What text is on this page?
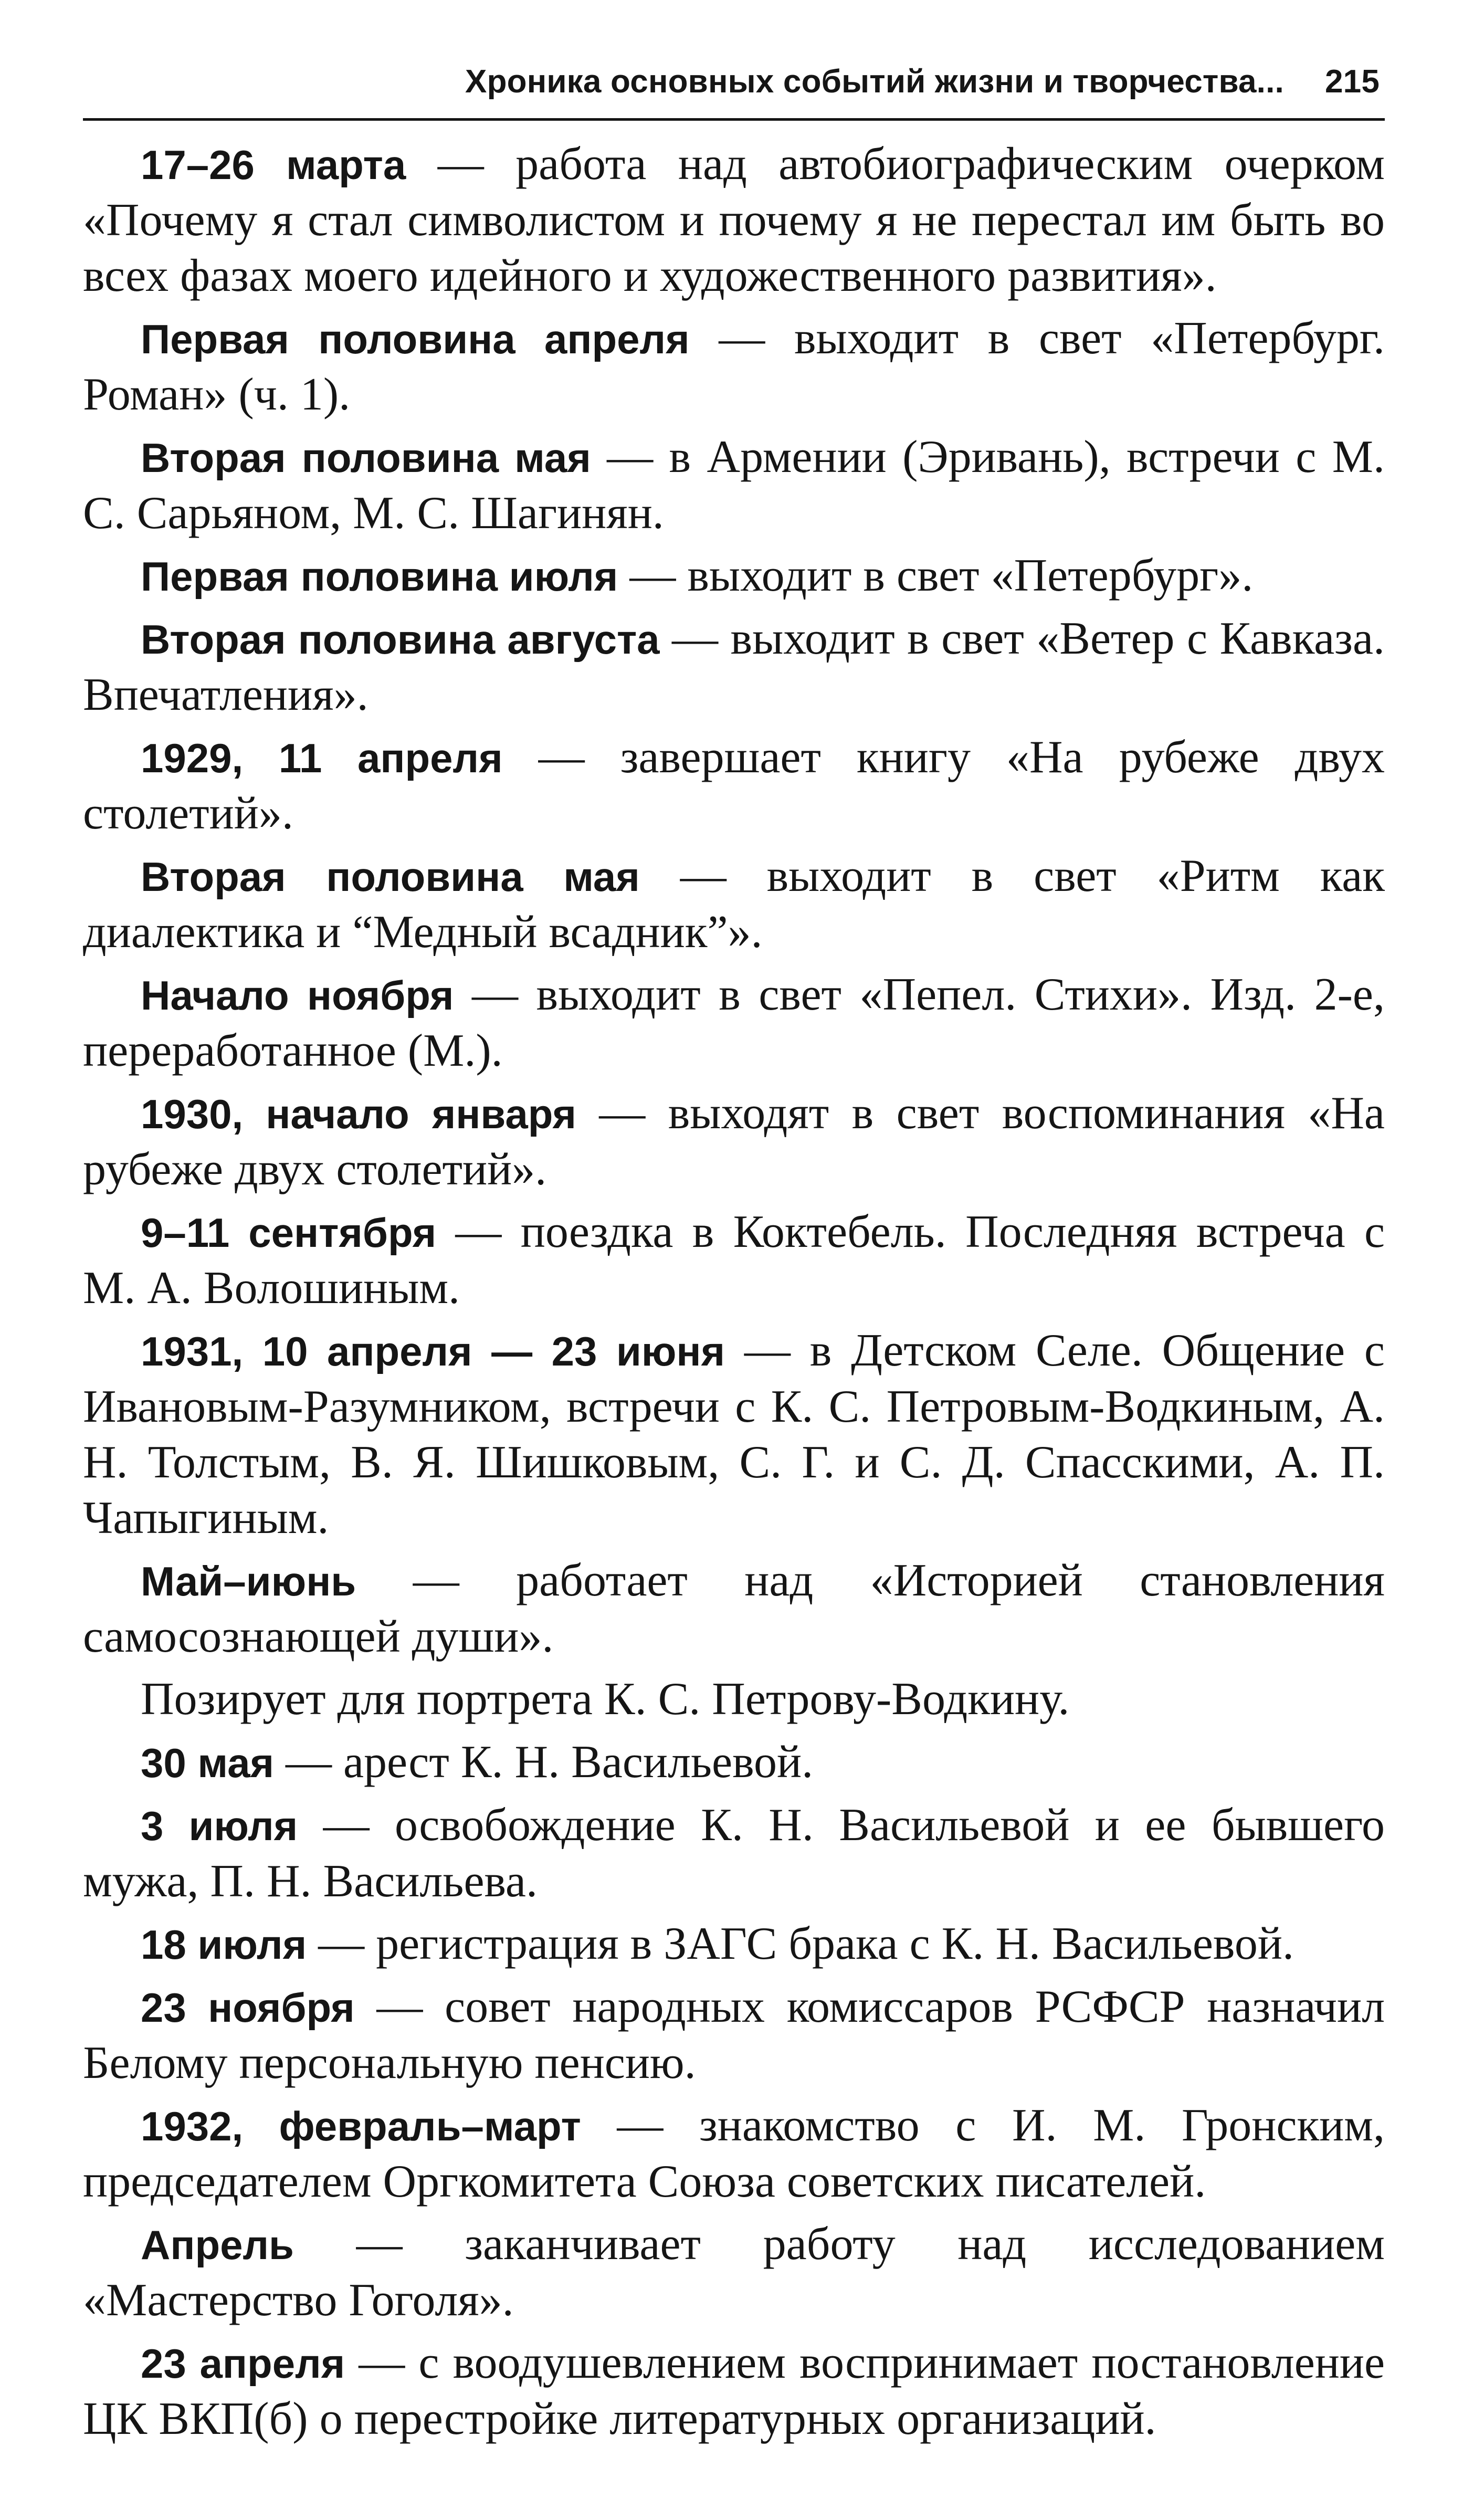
Хроника основных событий жизни и творчества... 215

17–26 марта — работа над автобиографическим очерком «Почему я стал символистом и почему я не перестал им быть во всех фазах моего идейного и художественного развития».

Первая половина апреля — выходит в свет «Петербург. Роман» (ч. 1).

Вторая половина мая — в Армении (Эривань), встречи с М. С. Сарьяном, М. С. Шагинян.

Первая половина июля — выходит в свет «Петербург».

Вторая половина августа — выходит в свет «Ветер с Кавказа. Впечатления».

1929, 11 апреля — завершает книгу «На рубеже двух столетий».

Вторая половина мая — выходит в свет «Ритм как диалектика и “Медный всадник”».

Начало ноября — выходит в свет «Пепел. Стихи». Изд. 2-е, переработанное (М.).

1930, начало января — выходят в свет воспоминания «На рубеже двух столетий».

9–11 сентября — поездка в Коктебель. Последняя встреча с М. А. Волошиным.

1931, 10 апреля — 23 июня — в Детском Селе. Общение с Ивановым-Разумником, встречи с К. С. Петровым-Водкиным, А. Н. Толстым, В. Я. Шишковым, С. Г. и С. Д. Спасскими, А. П. Чапыгиным.

Май–июнь — работает над «Историей становления самосознающей души».

Позирует для портрета К. С. Петрову-Водкину.

30 мая — арест К. Н. Васильевой.

3 июля — освобождение К. Н. Васильевой и ее бывшего мужа, П. Н. Васильева.

18 июля — регистрация в ЗАГС брака с К. Н. Васильевой.

23 ноября — совет народных комиссаров РСФСР назначил Белому персональную пенсию.

1932, февраль–март — знакомство с И. М. Гронским, председателем Оргкомитета Союза советских писателей.

Апрель — заканчивает работу над исследованием «Мастерство Гоголя».

23 апреля — с воодушевлением воспринимает постановление ЦК ВКП(б) о перестройке литературных организаций.
